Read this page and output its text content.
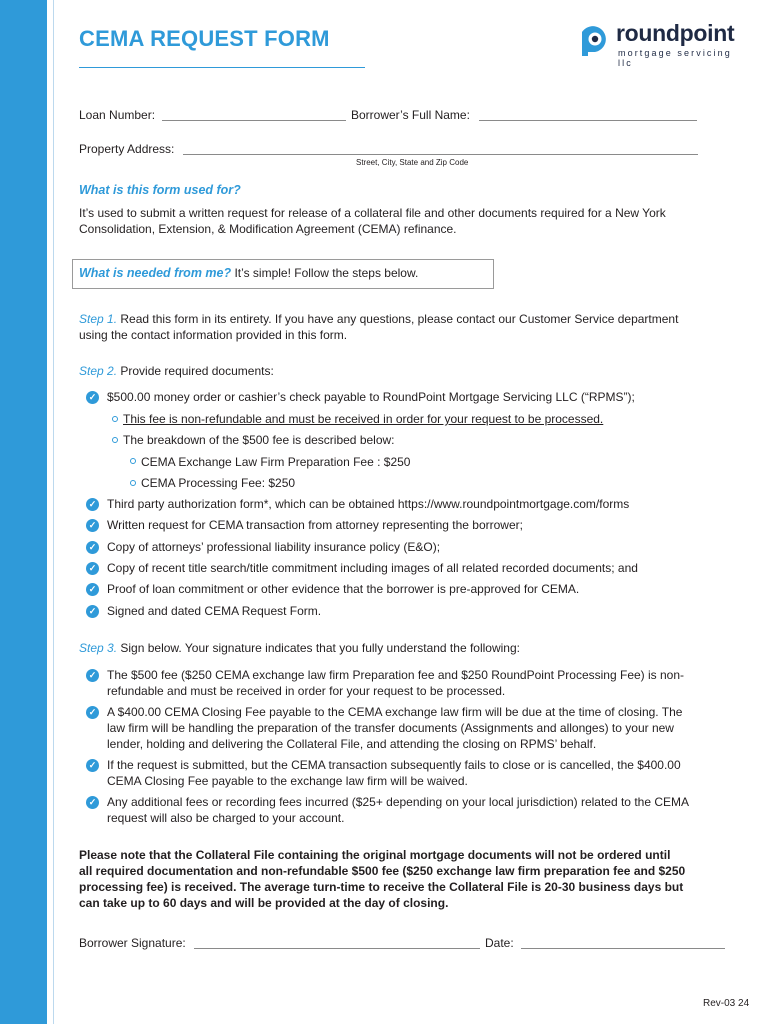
CEMA REQUEST FORM	roundpoint
mortgage servicing llc
Loan Number:	Borrower’s Full Name:
Property Address:
Street, City, State and Zip Code
What is this form used for?
It’s used to submit a written request for release of a collateral file and other documents required for a New York
Consolidation, Extension, & Modification Agreement (CEMA) refinance.
What is needed from me? It’s simple! Follow the steps below.
Step 1. Read this form in its entirety. If you have any questions, please contact our Customer Service department
using the contact information provided in this form.
Step 2. Provide required documents:
✓ $500.00 money order or cashier’s check payable to RoundPoint Mortgage Servicing LLC (“RPMS”);
This fee is non-refundable and must be received in order for your request to be processed.
The breakdown of the $500 fee is described below:
CEMA Exchange Law Firm Preparation Fee : $250
CEMA Processing Fee: $250
✓ Third party authorization form*, which can be obtained https://www.roundpointmortgage.com/forms
✓ Written request for CEMA transaction from attorney representing the borrower;
✓ Copy of attorneys’ professional liability insurance policy (E&O);
✓ Copy of recent title search/title commitment including images of all related recorded documents; and
✓ Proof of loan commitment or other evidence that the borrower is pre-approved for CEMA.
✓ Signed and dated CEMA Request Form.
Step 3. Sign below. Your signature indicates that you fully understand the following:
✓ The $500 fee ($250 CEMA exchange law firm Preparation fee and $250 RoundPoint Processing Fee) is non-
refundable and must be received in order for your request to be processed.
✓ A $400.00 CEMA Closing Fee payable to the CEMA exchange law firm will be due at the time of closing. The
law firm will be handling the preparation of the transfer documents (Assignments and allonges) to your new
lender, holding and delivering the Collateral File, and attending the closing on RPMS’ behalf.
✓ If the request is submitted, but the CEMA transaction subsequently fails to close or is cancelled, the $400.00
CEMA Closing Fee payable to the exchange law firm will be waived.
✓ Any additional fees or recording fees incurred ($25+ depending on your local jurisdiction) related to the CEMA
request will also be charged to your account.
Please note that the Collateral File containing the original mortgage documents will not be ordered until
all required documentation and non-refundable $500 fee ($250 exchange law firm preparation fee and $250
processing fee) is received. The average turn-time to receive the Collateral File is 20-30 business days but
can take up to 60 days and will be provided at the day of closing.
Borrower Signature:	Date:
Rev-03 24
